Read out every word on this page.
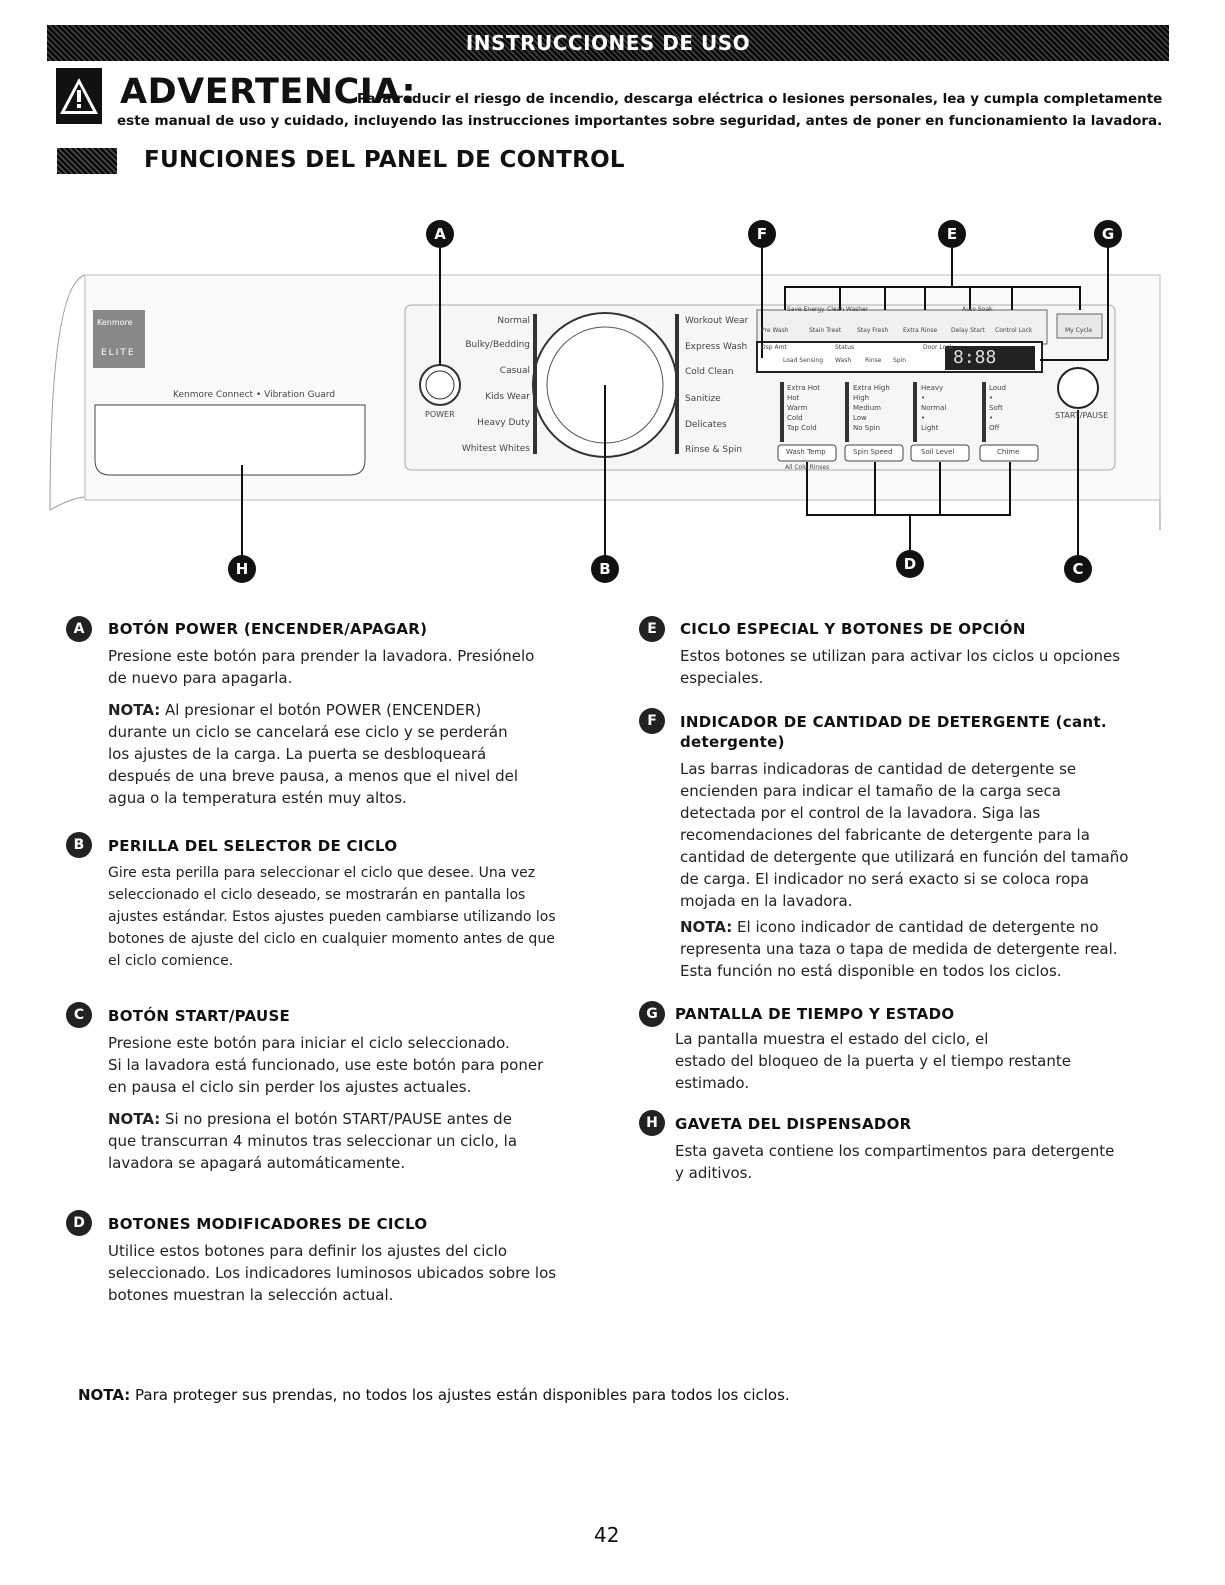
INSTRUCCIONES DE USO
ADVERTENCIA:
Para reducir el riesgo de incendio, descarga eléctrica o lesiones personales, lea y cumpla completamente
este manual de uso y cuidado, incluyendo las instrucciones importantes sobre seguridad, antes de poner en funcionamiento la lavadora.
FUNCIONES DEL PANEL DE CONTROL
A	F	E	G
H	B	D	C
Kenmore
ELITE
Kenmore Connect • Vibration Guard
POWER	START/PAUSE
Normal
Bulky/Bedding
Casual
Kids Wear
Heavy Duty
Whitest Whites
Workout Wear
Express Wash
Cold Clean
Sanitize
Delicates
Rinse & Spin
Save Energy Clean Washer	Auto Soak
Pre Wash	Stain Treat	Stay Fresh Extra Rinse Delay Start Control Lock	My Cycle
Dsp Amt	Status	Door Lock
Load Sensing Wash Rinse Spin	8:88
Extra Hot
Hot
Warm
Cold
Tap Cold
Extra High
High
Medium
Low
No Spin
Heavy
•
Normal
•
Light
Loud
•
Soft
•
Off
Wash Temp	Spin Speed	Soil Level	Chime
All Cold Rinses
A	BOTÓN POWER (ENCENDER/APAGAR)

Presione este botón para prender la lavadora. Presiónelo
de nuevo para apagarla.

NOTA: Al presionar el botón POWER (ENCENDER)
durante un ciclo se cancelará ese ciclo y se perderán
los ajustes de la carga. La puerta se desbloqueará
después de una breve pausa, a menos que el nivel del
agua o la temperatura estén muy altos.

B	PERILLA DEL SELECTOR DE CICLO

Gire esta perilla para seleccionar el ciclo que desee. Una vez
seleccionado el ciclo deseado, se mostrarán en pantalla los
ajustes estándar. Estos ajustes pueden cambiarse utilizando los
botones de ajuste del ciclo en cualquier momento antes de que
el ciclo comience.

C	BOTÓN START/PAUSE

Presione este botón para iniciar el ciclo seleccionado.
Si la lavadora está funcionado, use este botón para poner
en pausa el ciclo sin perder los ajustes actuales.

NOTA: Si no presiona el botón START/PAUSE antes de
que transcurran 4 minutos tras seleccionar un ciclo, la
lavadora se apagará automáticamente.

D	BOTONES MODIFICADORES DE CICLO

Utilice estos botones para definir los ajustes del ciclo
seleccionado. Los indicadores luminosos ubicados sobre los
botones muestran la selección actual.

E	CICLO ESPECIAL Y BOTONES DE OPCIÓN

Estos botones se utilizan para activar los ciclos u opciones
especiales.

F	INDICADOR DE CANTIDAD DE DETERGENTE (cant.
detergente)

Las barras indicadoras de cantidad de detergente se
encienden para indicar el tamaño de la carga seca
detectada por el control de la lavadora. Siga las
recomendaciones del fabricante de detergente para la
cantidad de detergente que utilizará en función del tamaño
de carga. El indicador no será exacto si se coloca ropa
mojada en la lavadora.

NOTA: El icono indicador de cantidad de detergente no
representa una taza o tapa de medida de detergente real.
Esta función no está disponible en todos los ciclos.

G	PANTALLA DE TIEMPO Y ESTADO

La pantalla muestra el estado del ciclo, el
estado del bloqueo de la puerta y el tiempo restante
estimado.

H	GAVETA DEL DISPENSADOR

Esta gaveta contiene los compartimentos para detergente
y aditivos.

NOTA: Para proteger sus prendas, no todos los ajustes están disponibles para todos los ciclos.
42
